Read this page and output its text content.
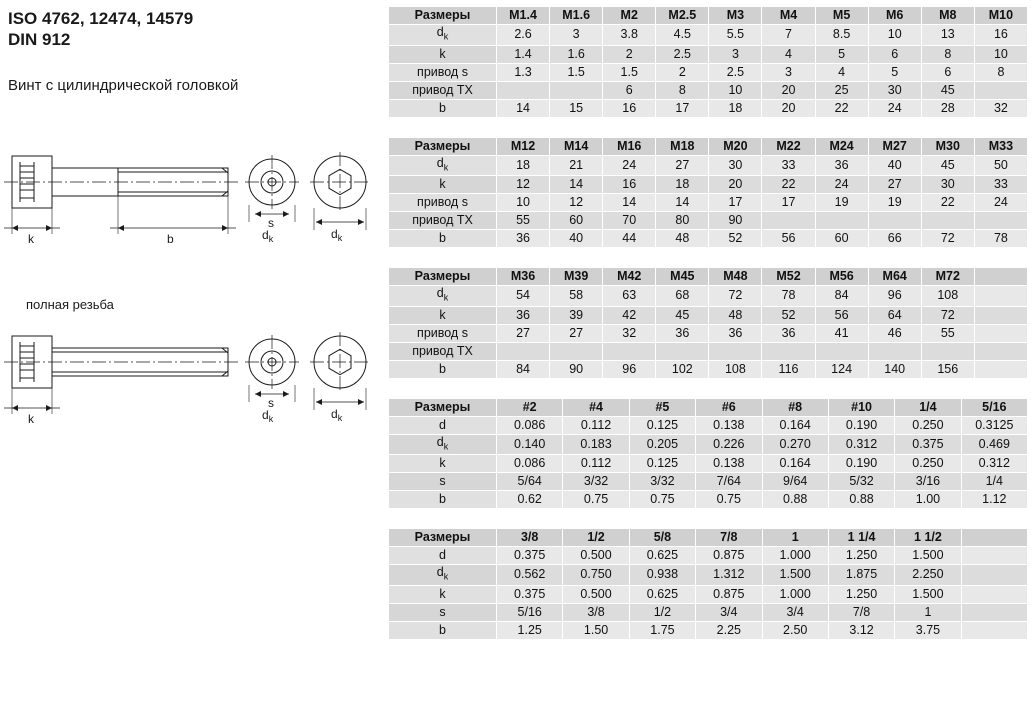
ISO 4762, 12474, 14579
DIN 912

Винт с цилиндрической головкой

k	b
s
$d_k$	$d_k$

полная резьба

k
s
$d_k$	$d_k$
Размеры	M1.4	M1.6	M2	M2.5	M3	M4	M5	M6	M8	M10
$d_k$	2.6	3	3.8	4.5	5.5	7	8.5	10	13	16
k	1.4	1.6	2	2.5	3	4	5	6	8	10
привод s	1.3	1.5	1.5	2	2.5	3	4	5	6	8
привод ТХ			6	8	10	20	25	30	45	
b	14	15	16	17	18	20	22	24	28	32
Размеры	M12	M14	M16	M18	M20	M22	M24	M27	M30	M33
$d_k$	18	21	24	27	30	33	36	40	45	50
k	12	14	16	18	20	22	24	27	30	33
привод s	10	12	14	14	17	17	19	19	22	24
привод ТХ	55	60	70	80	90					
b	36	40	44	48	52	56	60	66	72	78
Размеры	M36	M39	M42	M45	M48	M52	M56	M64	M72	
$d_k$	54	58	63	68	72	78	84	96	108	
k	36	39	42	45	48	52	56	64	72	
привод s	27	27	32	36	36	36	41	46	55	
привод ТХ										
b	84	90	96	102	108	116	124	140	156	
Размеры	#2	#4	#5	#6	#8	#10	1/4	5/16
d	0.086	0.112	0.125	0.138	0.164	0.190	0.250	0.3125
$d_k$	0.140	0.183	0.205	0.226	0.270	0.312	0.375	0.469
k	0.086	0.112	0.125	0.138	0.164	0.190	0.250	0.312
s	5/64	3/32	3/32	7/64	9/64	5/32	3/16	1/4
b	0.62	0.75	0.75	0.75	0.88	0.88	1.00	1.12
Размеры	3/8	1/2	5/8	7/8	1	1 1/4	1 1/2	
d	0.375	0.500	0.625	0.875	1.000	1.250	1.500	
$d_k$	0.562	0.750	0.938	1.312	1.500	1.875	2.250	
k	0.375	0.500	0.625	0.875	1.000	1.250	1.500	
s	5/16	3/8	1/2	3/4	3/4	7/8	1	
b	1.25	1.50	1.75	2.25	2.50	3.12	3.75	
